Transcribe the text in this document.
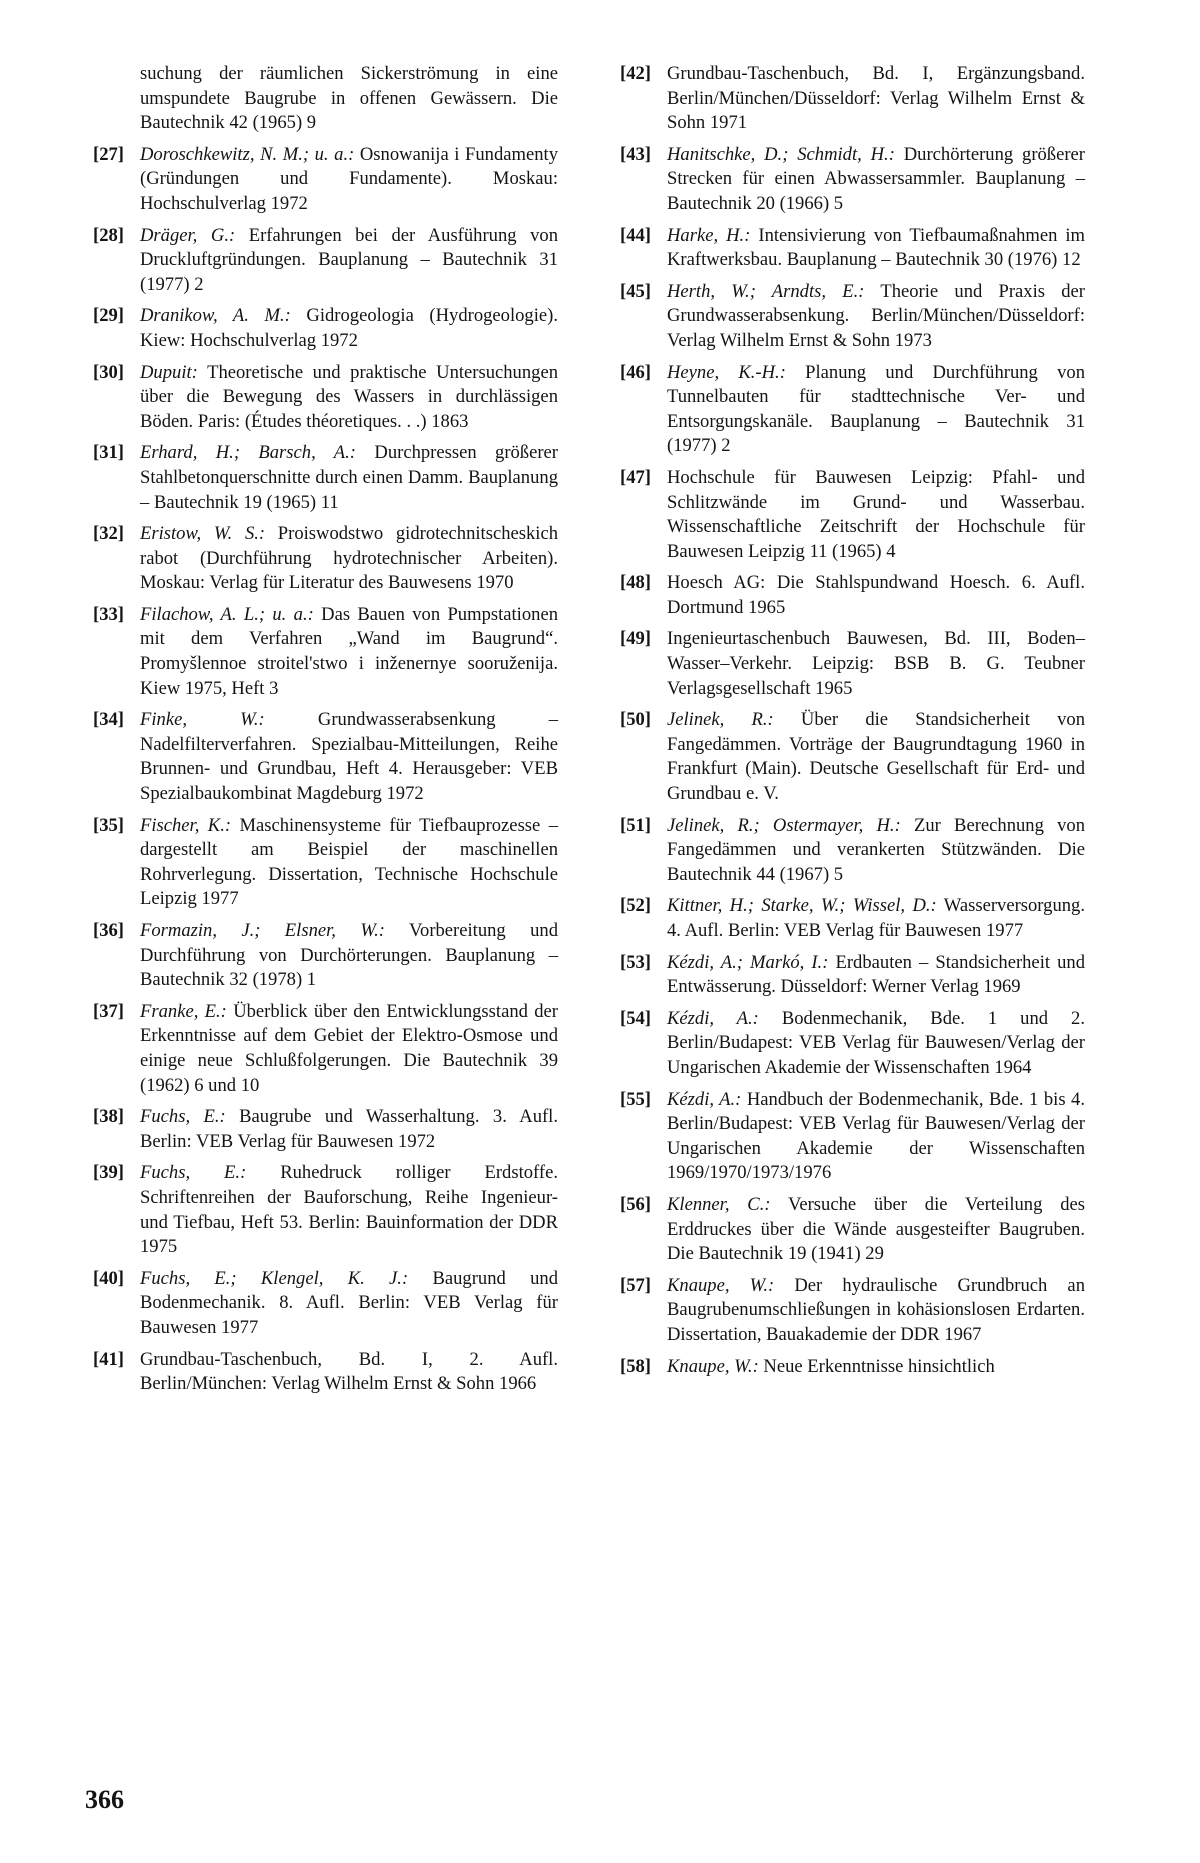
suchung der räumlichen Sickerströmung in eine umspundete Baugrube in offenen Gewässern. Die Bautechnik 42 (1965) 9
[27] Doroschkewitz, N. M.; u. a.: Osnowanija i Fundamenty (Gründungen und Fundamente). Moskau: Hochschulverlag 1972
[28] Dräger, G.: Erfahrungen bei der Ausführung von Druckluftgründungen. Bauplanung – Bautechnik 31 (1977) 2
[29] Dranikow, A. M.: Gidrogeologia (Hydrogeologie). Kiew: Hochschulverlag 1972
[30] Dupuit: Theoretische und praktische Untersuchungen über die Bewegung des Wassers in durchlässigen Böden. Paris: (Études théoretiques. . .) 1863
[31] Erhard, H.; Barsch, A.: Durchpressen größerer Stahlbetonquerschnitte durch einen Damm. Bauplanung – Bautechnik 19 (1965) 11
[32] Eristow, W. S.: Proiswodstwo gidrotechnitscheskich rabot (Durchführung hydrotechnischer Arbeiten). Moskau: Verlag für Literatur des Bauwesens 1970
[33] Filachow, A. L.; u. a.: Das Bauen von Pumpstationen mit dem Verfahren „Wand im Baugrund“. Promyšlennoe stroitel'stwo i inženernye sooruženija. Kiew 1975, Heft 3
[34] Finke, W.: Grundwasserabsenkung – Nadelfilterverfahren. Spezialbau-Mitteilungen, Reihe Brunnen- und Grundbau, Heft 4. Herausgeber: VEB Spezialbaukombinat Magdeburg 1972
[35] Fischer, K.: Maschinensysteme für Tiefbauprozesse – dargestellt am Beispiel der maschinellen Rohrverlegung. Dissertation, Technische Hochschule Leipzig 1977
[36] Formazin, J.; Elsner, W.: Vorbereitung und Durchführung von Durchörterungen. Bauplanung – Bautechnik 32 (1978) 1
[37] Franke, E.: Überblick über den Entwicklungsstand der Erkenntnisse auf dem Gebiet der Elektro-Osmose und einige neue Schlußfolgerungen. Die Bautechnik 39 (1962) 6 und 10
[38] Fuchs, E.: Baugrube und Wasserhaltung. 3. Aufl. Berlin: VEB Verlag für Bauwesen 1972
[39] Fuchs, E.: Ruhedruck rolliger Erdstoffe. Schriftenreihen der Bauforschung, Reihe Ingenieur- und Tiefbau, Heft 53. Berlin: Bauinformation der DDR 1975
[40] Fuchs, E.; Klengel, K. J.: Baugrund und Bodenmechanik. 8. Aufl. Berlin: VEB Verlag für Bauwesen 1977
[41] Grundbau-Taschenbuch, Bd. I, 2. Aufl. Berlin/München: Verlag Wilhelm Ernst & Sohn 1966
[42] Grundbau-Taschenbuch, Bd. I, Ergänzungsband. Berlin/München/Düsseldorf: Verlag Wilhelm Ernst & Sohn 1971
[43] Hanitschke, D.; Schmidt, H.: Durchörterung größerer Strecken für einen Abwassersammler. Bauplanung – Bautechnik 20 (1966) 5
[44] Harke, H.: Intensivierung von Tiefbaumaßnahmen im Kraftwerksbau. Bauplanung – Bautechnik 30 (1976) 12
[45] Herth, W.; Arndts, E.: Theorie und Praxis der Grundwasserabsenkung. Berlin/München/Düsseldorf: Verlag Wilhelm Ernst & Sohn 1973
[46] Heyne, K.-H.: Planung und Durchführung von Tunnelbauten für stadttechnische Ver- und Entsorgungskanäle. Bauplanung – Bautechnik 31 (1977) 2
[47] Hochschule für Bauwesen Leipzig: Pfahl- und Schlitzwände im Grund- und Wasserbau. Wissenschaftliche Zeitschrift der Hochschule für Bauwesen Leipzig 11 (1965) 4
[48] Hoesch AG: Die Stahlspundwand Hoesch. 6. Aufl. Dortmund 1965
[49] Ingenieurtaschenbuch Bauwesen, Bd. III, Boden–Wasser–Verkehr. Leipzig: BSB B. G. Teubner Verlagsgesellschaft 1965
[50] Jelinek, R.: Über die Standsicherheit von Fangedämmen. Vorträge der Baugrundtagung 1960 in Frankfurt (Main). Deutsche Gesellschaft für Erd- und Grundbau e. V.
[51] Jelinek, R.; Ostermayer, H.: Zur Berechnung von Fangedämmen und verankerten Stützwänden. Die Bautechnik 44 (1967) 5
[52] Kittner, H.; Starke, W.; Wissel, D.: Wasserversorgung. 4. Aufl. Berlin: VEB Verlag für Bauwesen 1977
[53] Kézdi, A.; Markó, I.: Erdbauten – Standsicherheit und Entwässerung. Düsseldorf: Werner Verlag 1969
[54] Kézdi, A.: Bodenmechanik, Bde. 1 und 2. Berlin/Budapest: VEB Verlag für Bauwesen/Verlag der Ungarischen Akademie der Wissenschaften 1964
[55] Kézdi, A.: Handbuch der Bodenmechanik, Bde. 1 bis 4. Berlin/Budapest: VEB Verlag für Bauwesen/Verlag der Ungarischen Akademie der Wissenschaften 1969/1970/1973/1976
[56] Klenner, C.: Versuche über die Verteilung des Erddruckes über die Wände ausgesteifter Baugruben. Die Bautechnik 19 (1941) 29
[57] Knaupe, W.: Der hydraulische Grundbruch an Baugrubenumschließungen in kohäsionslosen Erdarten. Dissertation, Bauakademie der DDR 1967
[58] Knaupe, W.: Neue Erkenntnisse hinsichtlich
366
